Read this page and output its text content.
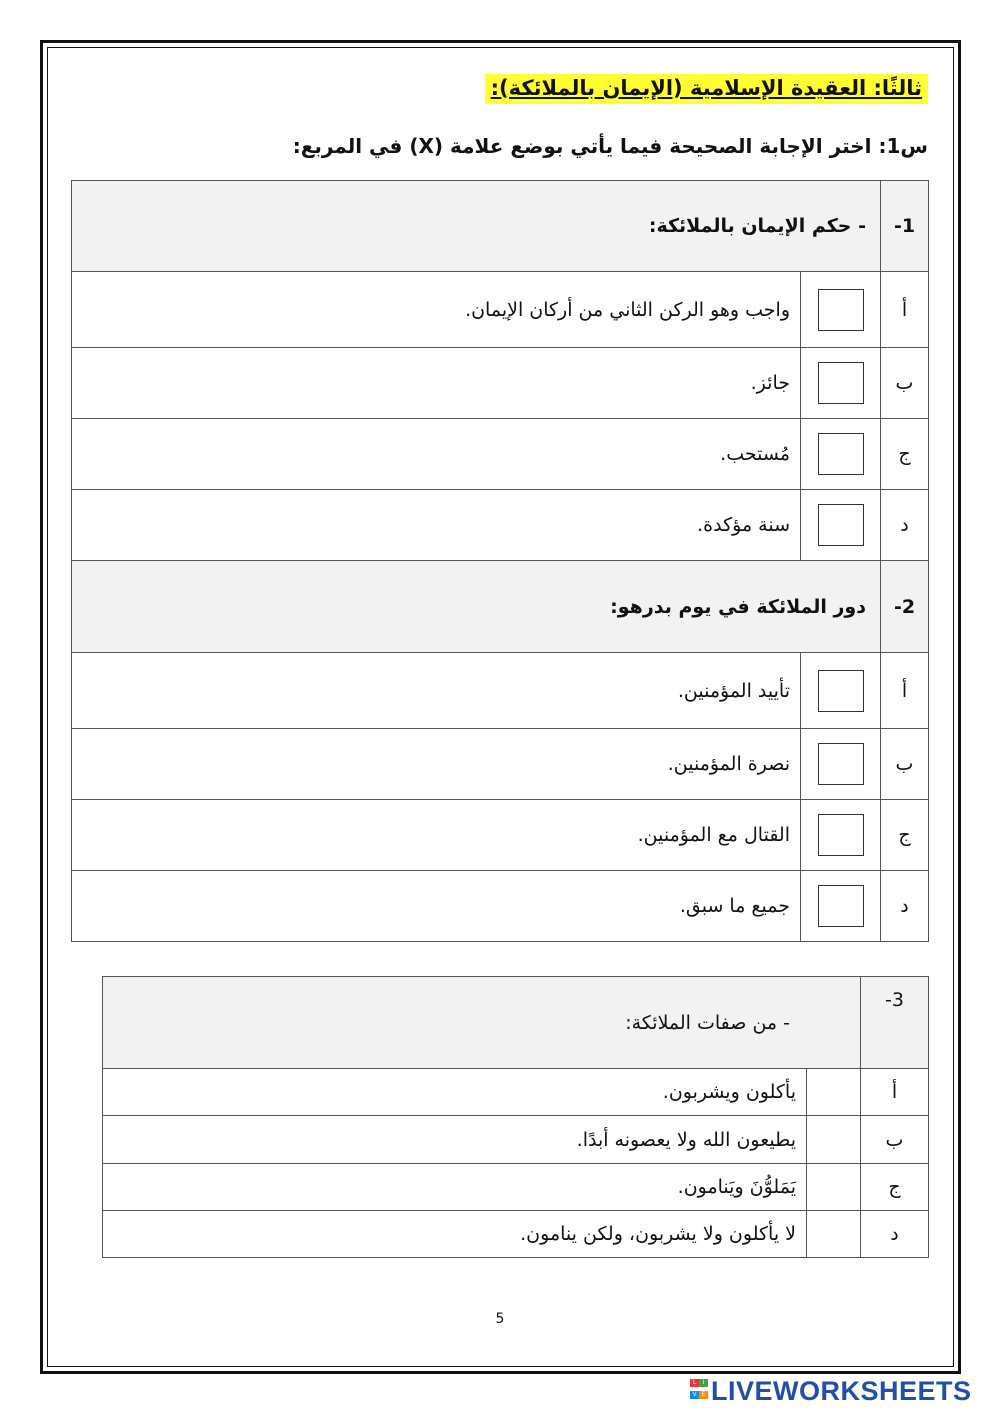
ثالثًا: العقيدة الإسلامية (الإيمان بالملائكة):
س1: اختر الإجابة الصحيحة فيما يأتي بوضع علامة (X) في المربع:
1-	- حكم الإيمان بالملائكة:	
أ		واجب وهو الركن الثاني من أركان الإيمان.
ب		جائز.
ج		مُستحب.
د		سنة مؤكدة.
2-	دور الملائكة في يوم بدرهو:	
أ		تأييد المؤمنين.
ب		نصرة المؤمنين.
ج		القتال مع المؤمنين.
د		جميع ما سبق.
3-	- من صفات الملائكة:	
أ		يأكلون ويشربون.
ب		يطيعون الله ولا يعصونه أبدًا.
ج		يَمَلوُّنَ ويَنامون.
د		لا يأكلون ولا يشربون، ولكن ينامون.
5
L	I
V E LIVEWORKSHEETS
